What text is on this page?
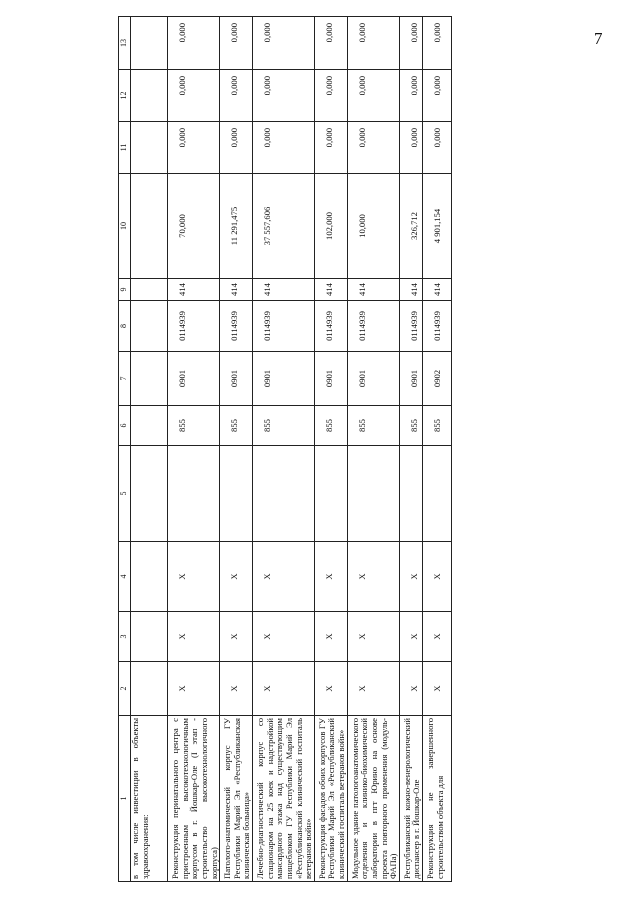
7
1	2	3	4	5	6	7	8	9	10	11	12	13
в том числе инвестиции в объекты здравоохранения:												
Реконструкция перинатального центра с пристроенным высокотехнологичным корпусом в г. Йошкар-Оле (I этап - строительство высокотехнологичного корпуса)	Х	Х	Х		855	0901	0114939	414	70,000	0,000	0,000	0,000
Патолого-анатомический корпус ГУ Республики Марий Эл «Республиканская клиническая больница»	Х	Х	Х		855	0901	0114939	414	11 291,475	0,000	0,000	0,000
Лечебно-диагностический корпус со стационаром на 25 коек и надстройкой мансардного этажа над существующим пищеблоком ГУ Республики Марий Эл «Республиканский клинический госпиталь ветеранов войн»	Х	Х	Х		855	0901	0114939	414	37 557,606	0,000	0,000	0,000
Реконструкция фасадов обоих корпусов ГУ Республики Марий Эл «Республиканский клинический госпиталь ветеранов войн»	Х	Х	Х		855	0901	0114939	414	102,000	0,000	0,000	0,000
Модульное здание патологоанатомического отделения и клинико-биохимической лаборатории в пгт Юрино на основе проекта повторного применения (модуль-ФАПа)	Х	Х	Х		855	0901	0114939	414	10,000	0,000	0,000	0,000
Республиканский кожно-венерологический диспансер в г. Йошкар-Оле	Х	Х	Х		855	0901	0114939	414	326,712	0,000	0,000	0,000
Реконструкция не завершенного строительством объекта для	Х	Х	Х		855	0902	0114939	414	4 901,154	0,000	0,000	0,000
